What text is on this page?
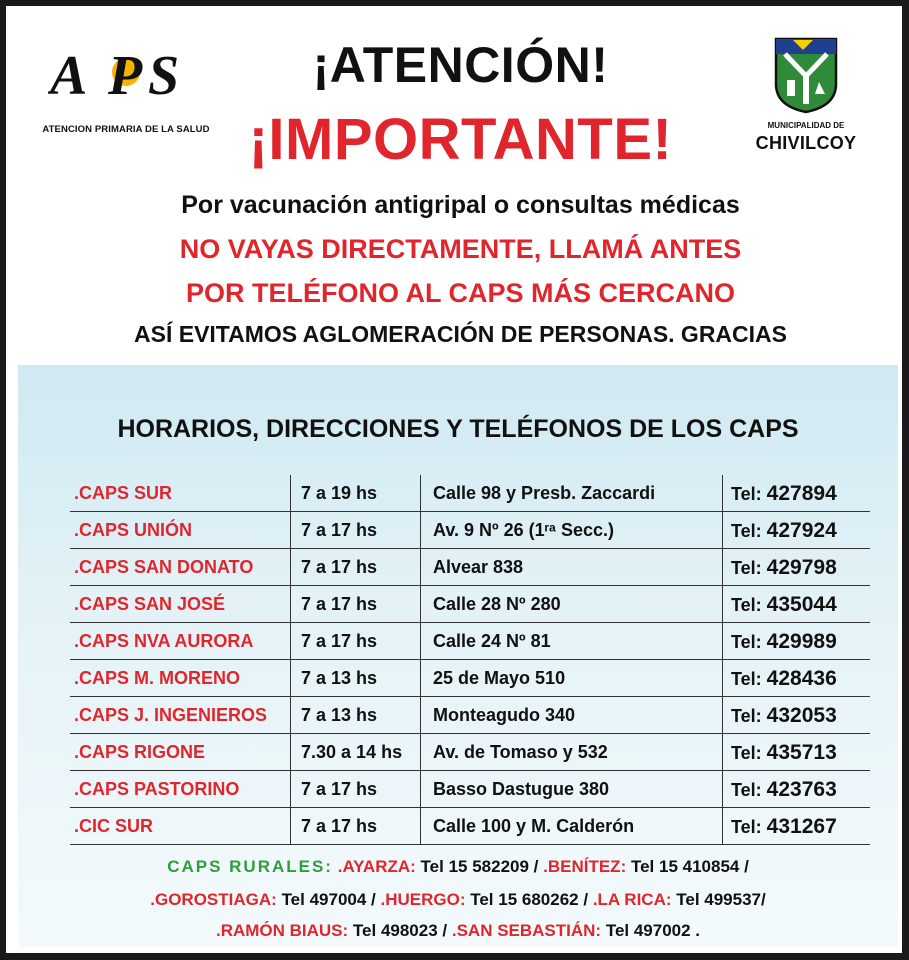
A P S
ATENCION PRIMARIA DE LA SALUD
¡ATENCIÓN!
¡IMPORTANTE!	MUNICIPALIDAD DE
CHIVILCOY
Por vacunación antigripal o consultas médicas
NO VAYAS DIRECTAMENTE, LLAMÁ ANTES
POR TELÉFONO AL CAPS MÁS CERCANO
ASÍ EVITAMOS AGLOMERACIÓN DE PERSONAS. GRACIAS
HORARIOS, DIRECCIONES Y TELÉFONOS DE LOS CAPS
.CAPS SUR	7 a 19 hs	Calle 98 y Presb. Zaccardi	Tel: 427894
.CAPS UNIÓN	7 a 17 hs	Av. 9 Nº 26 (1ʳᵃ Secc.)	Tel: 427924
.CAPS SAN DONATO	7 a 17 hs	Alvear 838	Tel: 429798
.CAPS SAN JOSÉ	7 a 17 hs	Calle 28 Nº 280	Tel: 435044
.CAPS NVA AURORA	7 a 17 hs	Calle 24 Nº 81	Tel: 429989
.CAPS M. MORENO	7 a 13 hs	25 de Mayo 510	Tel: 428436
.CAPS J. INGENIEROS	7 a 13 hs	Monteagudo 340	Tel: 432053
.CAPS RIGONE	7.30 a 14 hs	Av. de Tomaso y 532	Tel: 435713
.CAPS PASTORINO	7 a 17 hs	Basso Dastugue 380	Tel: 423763
.CIC SUR	7 a 17 hs	Calle 100 y M. Calderón	Tel: 431267
CAPS RURALES: .AYARZA: Tel 15 582209 / .BENÍTEZ: Tel 15 410854 /
.GOROSTIAGA: Tel 497004 / .HUERGO: Tel 15 680262 / .LA RICA: Tel 499537/
.RAMÓN BIAUS: Tel 498023 / .SAN SEBASTIÁN: Tel 497002 .
